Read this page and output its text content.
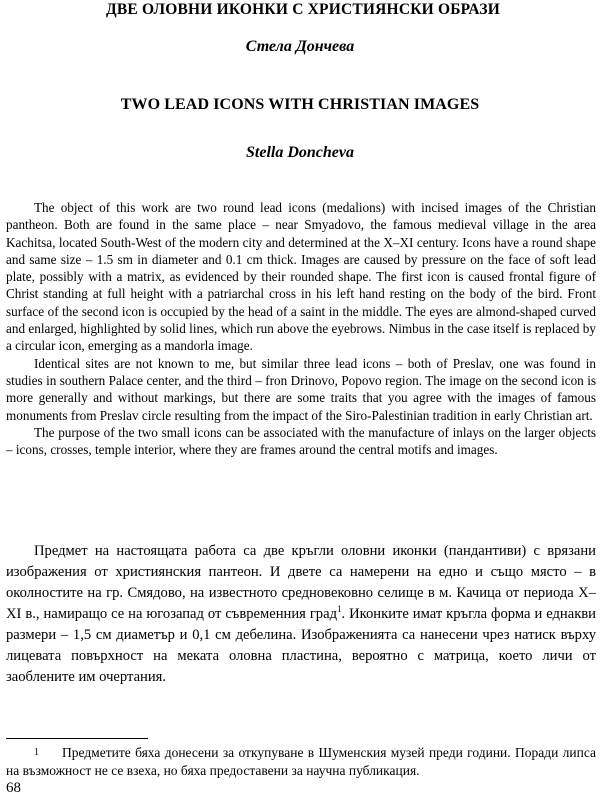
ДВЕ ОЛОВНИ ИКОНКИ С ХРИСТИЯНСКИ ОБРАЗИ
Стела Дончева
TWO LEAD ICONS WITH CHRISTIAN IMAGES
Stella Doncheva

The object of this work are two round lead icons (medalions) with incised images of the Christian pantheon. Both are found in the same place – near Smyadovo, the famous medieval village in the area Kachitsa, located South-West of the modern city and determined at the X–XI century. Icons have a round shape and same size – 1.5 sm in diameter and 0.1 cm thick. Images are caused by pressure on the face of soft lead plate, possibly with a matrix, as evidenced by their rounded shape. The first icon is caused frontal figure of Christ standing at full height with a patriarchal cross in his left hand resting on the body of the bird. Front surface of the second icon is occupied by the head of a saint in the middle. The eyes are almond-shaped curved and enlarged, highlighted by solid lines, which run above the eyebrows. Nimbus in the case itself is replaced by a circular icon, emerging as a mandorla image.

Identical sites are not known to me, but similar three lead icons – both of Preslav, one was found in studies in southern Palace center, and the third – fron Drinovo, Popovo region. The image on the second icon is more generally and without markings, but there are some traits that you agree with the images of famous monuments from Preslav circle resulting from the impact of the Siro-Palestinian tradition in early Christian art.

The purpose of the two small icons can be associated with the manufacture of inlays on the larger objects – icons, crosses, temple interior, where they are frames around the central motifs and images.

Предмет на настоящата работа са две кръгли оловни иконки (пандантиви) с врязани изображения от християнския пантеон. И двете са намерени на едно и също място – в околностите на гр. Смядово, на известното средновековно селище в м. Качица от периода X–XI в., намиращо се на югозапад от съвременния град$^1$. Иконките имат кръгла форма и еднакви размери – 1,5 см диаметър и 0,1 см дебелина. Изображенията са нанесени чрез натиск върху лицевата повърхност на меката оловна пластина, вероятно с матрица, което личи от заоблените им очертания.

1 Предметите бяха донесени за откупуване в Шуменския музей преди години. Поради липса на възможност не се взеха, но бяха предоставени за научна публикация.
68
